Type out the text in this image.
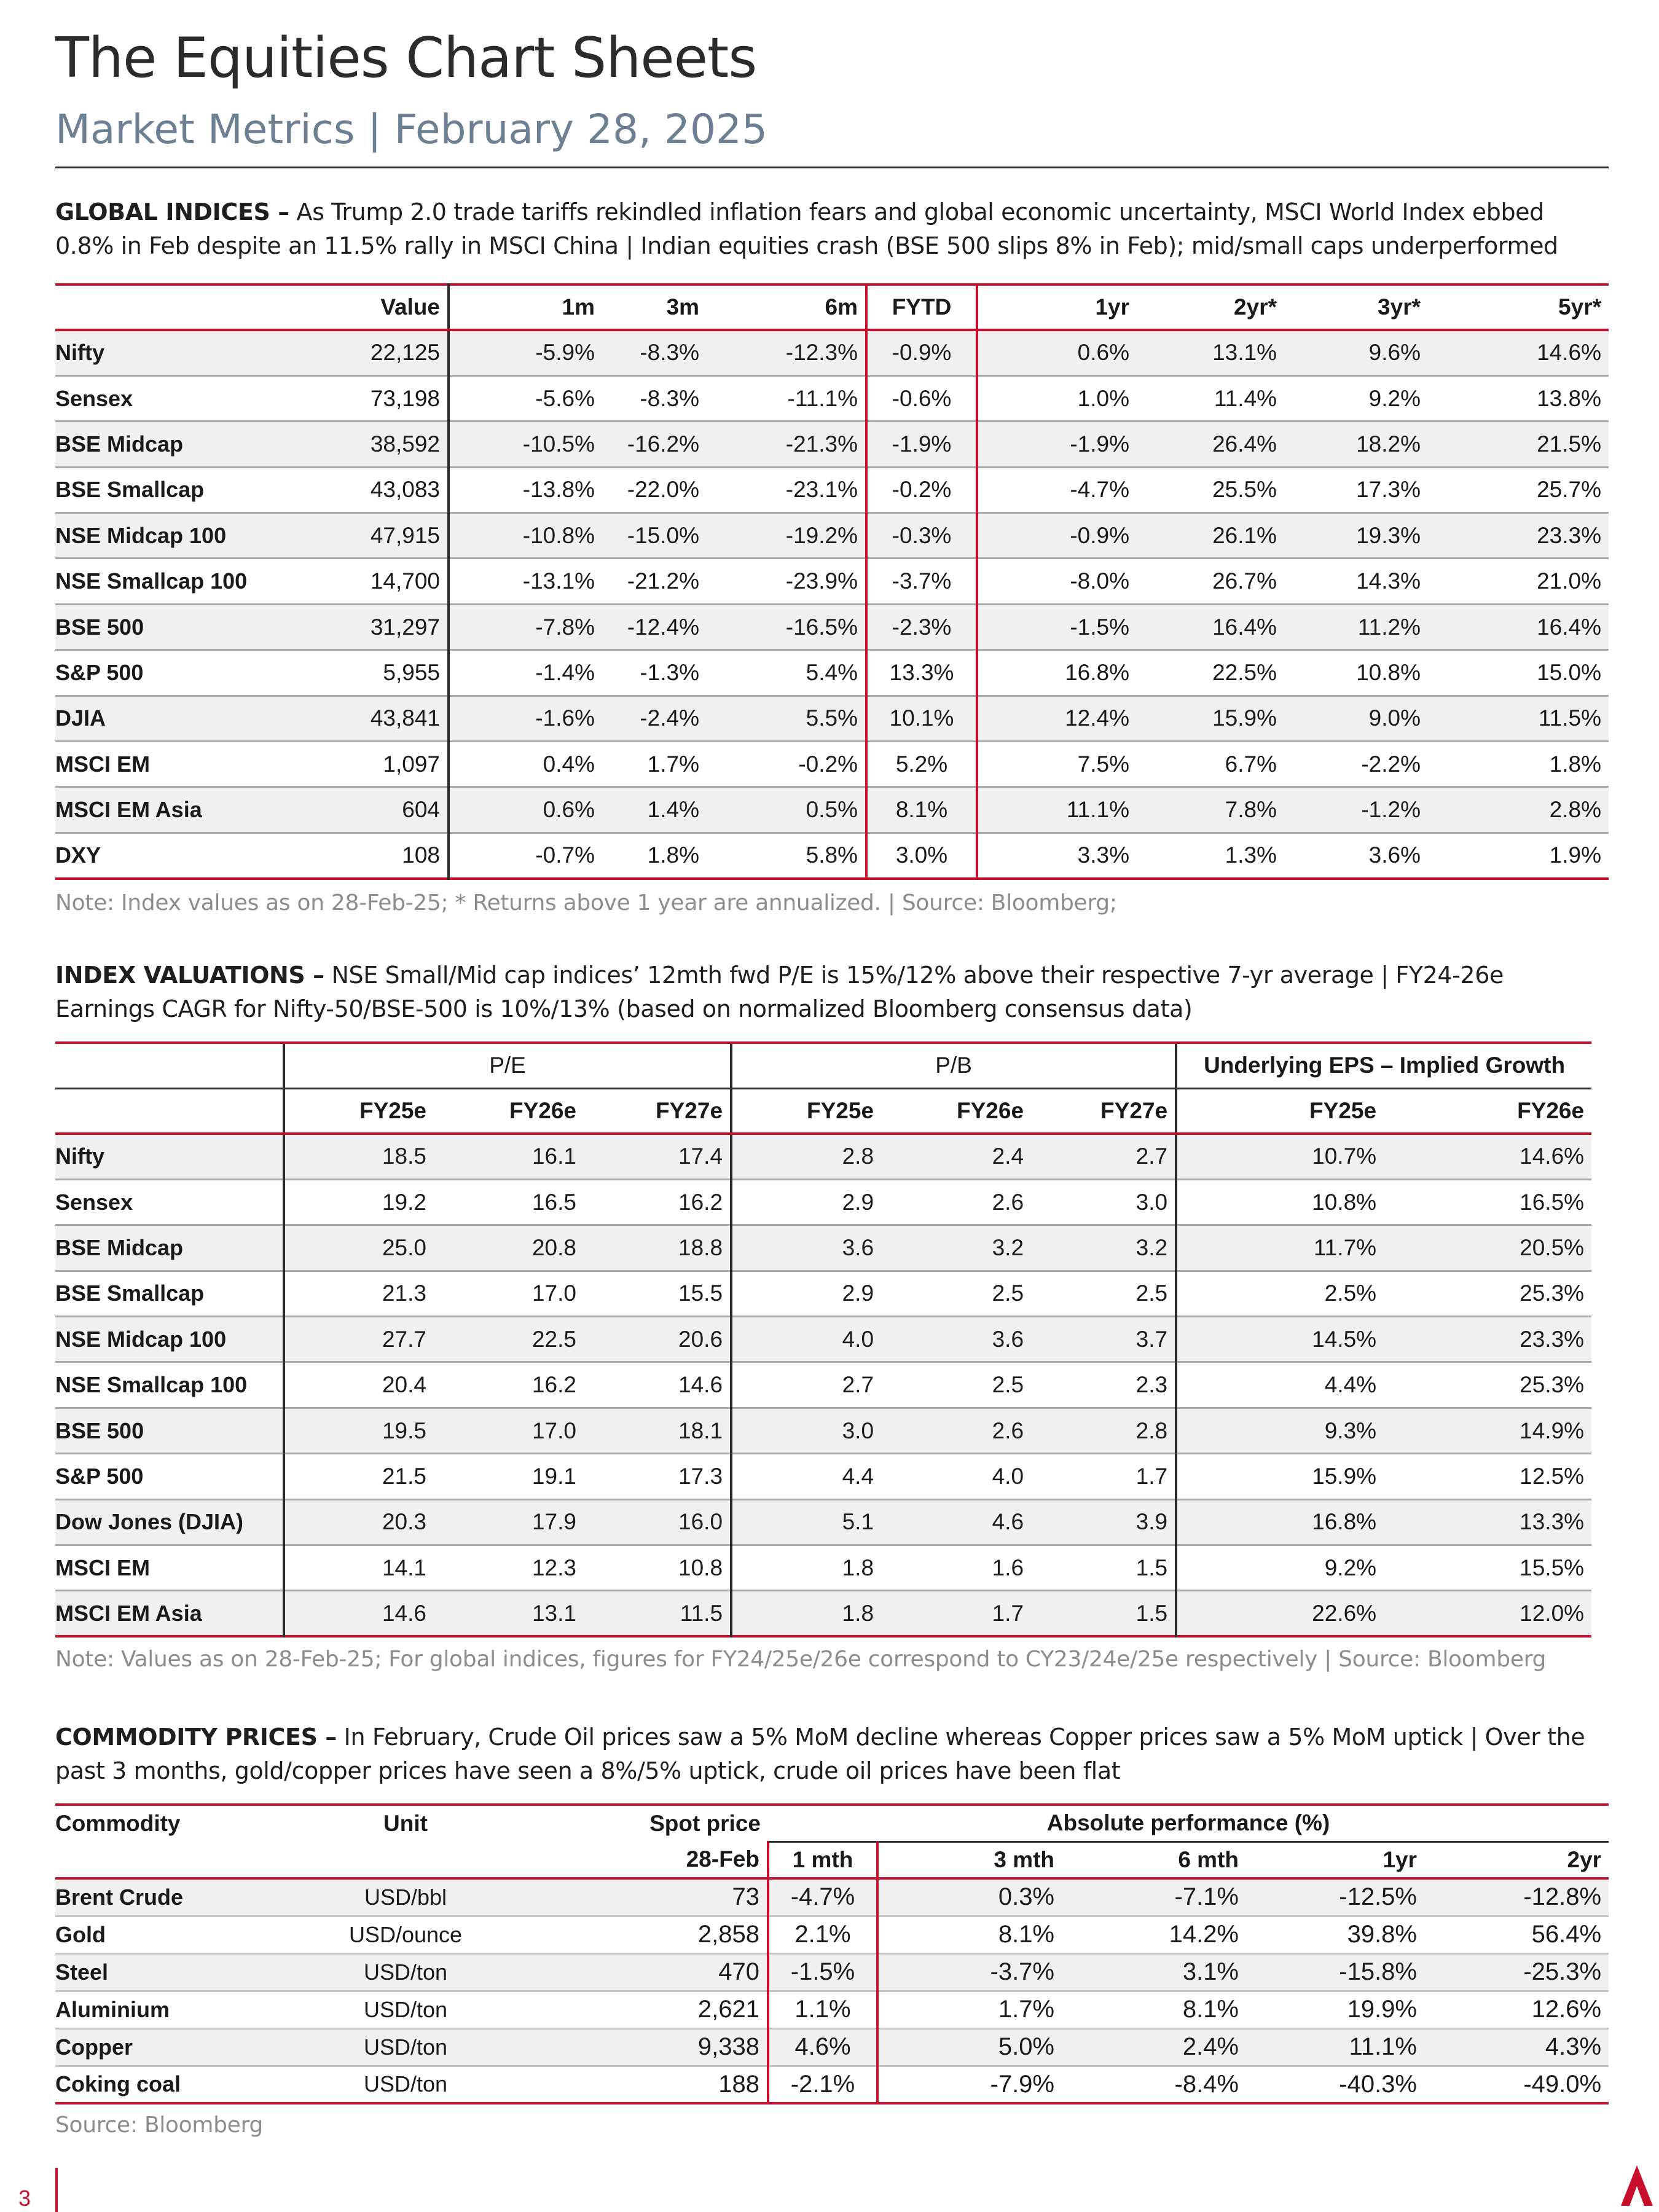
The Equities Chart Sheets
Market Metrics | February 28, 2025
GLOBAL INDICES – As Trump 2.0 trade tariffs rekindled inflation fears and global economic uncertainty, MSCI World Index ebbed 0.8% in Feb despite an 11.5% rally in MSCI China | Indian equities crash (BSE 500 slips 8% in Feb); mid/small caps underperformed
	Value	1m	3m	6m	FYTD	1yr	2yr*	3yr*	5yr*
Nifty	22,125	-5.9%	-8.3%	-12.3%	-0.9%	0.6%	13.1%	9.6%	14.6%
Sensex	73,198	-5.6%	-8.3%	-11.1%	-0.6%	1.0%	11.4%	9.2%	13.8%
BSE Midcap	38,592	-10.5%	-16.2%	-21.3%	-1.9%	-1.9%	26.4%	18.2%	21.5%
BSE Smallcap	43,083	-13.8%	-22.0%	-23.1%	-0.2%	-4.7%	25.5%	17.3%	25.7%
NSE Midcap 100	47,915	-10.8%	-15.0%	-19.2%	-0.3%	-0.9%	26.1%	19.3%	23.3%
NSE Smallcap 100	14,700	-13.1%	-21.2%	-23.9%	-3.7%	-8.0%	26.7%	14.3%	21.0%
BSE 500	31,297	-7.8%	-12.4%	-16.5%	-2.3%	-1.5%	16.4%	11.2%	16.4%
S&P 500	5,955	-1.4%	-1.3%	5.4%	13.3%	16.8%	22.5%	10.8%	15.0%
DJIA	43,841	-1.6%	-2.4%	5.5%	10.1%	12.4%	15.9%	9.0%	11.5%
MSCI EM	1,097	0.4%	1.7%	-0.2%	5.2%	7.5%	6.7%	-2.2%	1.8%
MSCI EM Asia	604	0.6%	1.4%	0.5%	8.1%	11.1%	7.8%	-1.2%	2.8%
DXY	108	-0.7%	1.8%	5.8%	3.0%	3.3%	1.3%	3.6%	1.9%
Note: Index values as on 28-Feb-25; * Returns above 1 year are annualized. | Source: Bloomberg;
INDEX VALUATIONS – NSE Small/Mid cap indices’ 12mth fwd P/E is 15%/12% above their respective 7-yr average | FY24-26e Earnings CAGR for Nifty-50/BSE-500 is 10%/13% (based on normalized Bloomberg consensus data)
	P/E			P/B			Underlying EPS – Implied Growth	
	FY25e	FY26e	FY27e	FY25e	FY26e	FY27e	FY25e	FY26e
Nifty	18.5	16.1	17.4	2.8	2.4	2.7	10.7%	14.6%
Sensex	19.2	16.5	16.2	2.9	2.6	3.0	10.8%	16.5%
BSE Midcap	25.0	20.8	18.8	3.6	3.2	3.2	11.7%	20.5%
BSE Smallcap	21.3	17.0	15.5	2.9	2.5	2.5	2.5%	25.3%
NSE Midcap 100	27.7	22.5	20.6	4.0	3.6	3.7	14.5%	23.3%
NSE Smallcap 100	20.4	16.2	14.6	2.7	2.5	2.3	4.4%	25.3%
BSE 500	19.5	17.0	18.1	3.0	2.6	2.8	9.3%	14.9%
S&P 500	21.5	19.1	17.3	4.4	4.0	1.7	15.9%	12.5%
Dow Jones (DJIA)	20.3	17.9	16.0	5.1	4.6	3.9	16.8%	13.3%
MSCI EM	14.1	12.3	10.8	1.8	1.6	1.5	9.2%	15.5%
MSCI EM Asia	14.6	13.1	11.5	1.8	1.7	1.5	22.6%	12.0%
Note: Values as on 28-Feb-25; For global indices, figures for FY24/25e/26e correspond to CY23/24e/25e respectively | Source: Bloomberg
COMMODITY PRICES – In February, Crude Oil prices saw a 5% MoM decline whereas Copper prices saw a 5% MoM uptick | Over the past 3 months, gold/copper prices have seen a 8%/5% uptick, crude oil prices have been flat
Commodity	Unit	Spot price	Absolute performance (%)				
		28-Feb	1 mth	3 mth	6 mth	1yr	2yr
Brent Crude	USD/bbl	73	-4.7%	0.3%	-7.1%	-12.5%	-12.8%
Gold	USD/ounce	2,858	2.1%	8.1%	14.2%	39.8%	56.4%
Steel	USD/ton	470	-1.5%	-3.7%	3.1%	-15.8%	-25.3%
Aluminium	USD/ton	2,621	1.1%	1.7%	8.1%	19.9%	12.6%
Copper	USD/ton	9,338	4.6%	5.0%	2.4%	11.1%	4.3%
Coking coal	USD/ton	188	-2.1%	-7.9%	-8.4%	-40.3%	-49.0%
Source: Bloomberg
3
